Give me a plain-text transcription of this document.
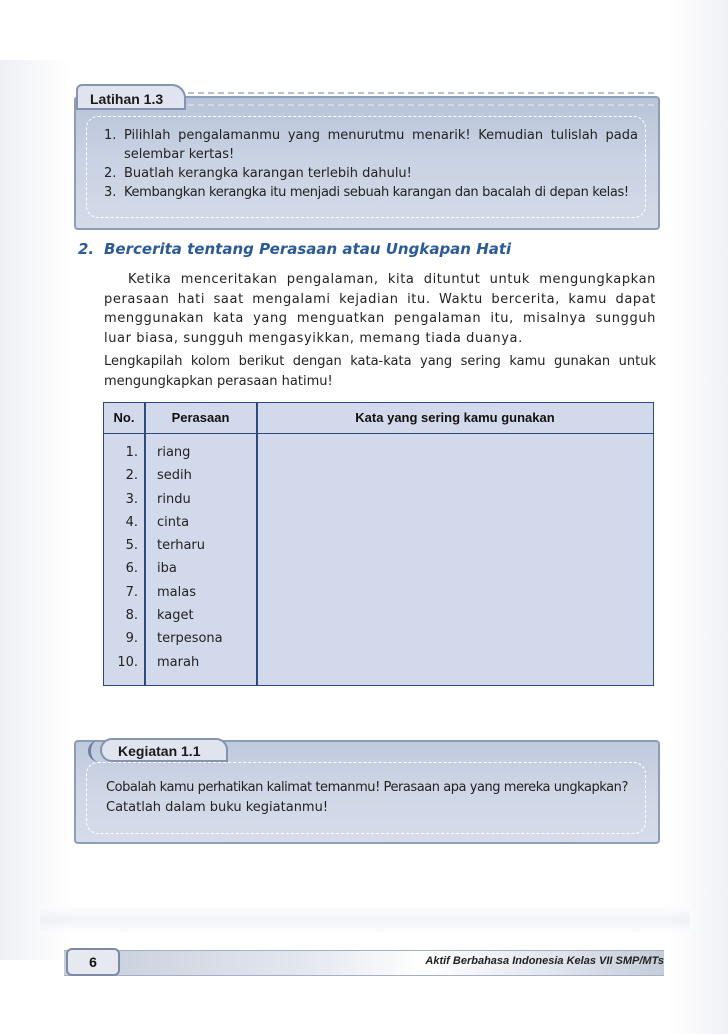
Latihan 1.3
1. Pilihlah pengalamanmu yang menurutmu menarik! Kemudian tulislah pada selembar kertas!
2. Buatlah kerangka karangan terlebih dahulu!
3. Kembangkan kerangka itu menjadi sebuah karangan dan bacalah di depan kelas!
2. Bercerita tentang Perasaan atau Ungkapan Hati

Ketika menceritakan pengalaman, kita dituntut untuk mengungkapkan perasaan hati saat mengalami kejadian itu. Waktu bercerita, kamu dapat menggunakan kata yang menguatkan pengalaman itu, misalnya sungguh luar biasa, sungguh mengasyikkan, memang tiada duanya.

Lengkapilah kolom berikut dengan kata-kata yang sering kamu gunakan untuk mengungkapkan perasaan hatimu!

No.	Perasaan	Kata yang sering kamu gunakan
1. riang
2. sedih
3. rindu
4. cinta
5. terharu
6. iba
7. malas
8. kaget
9. terpesona
10. marah
Kegiatan 1.1
Cobalah kamu perhatikan kalimat temanmu! Perasaan apa yang mereka ungkapkan?
Catatlah dalam buku kegiatanmu!
6	Aktif Berbahasa Indonesia Kelas VII SMP/MTs
